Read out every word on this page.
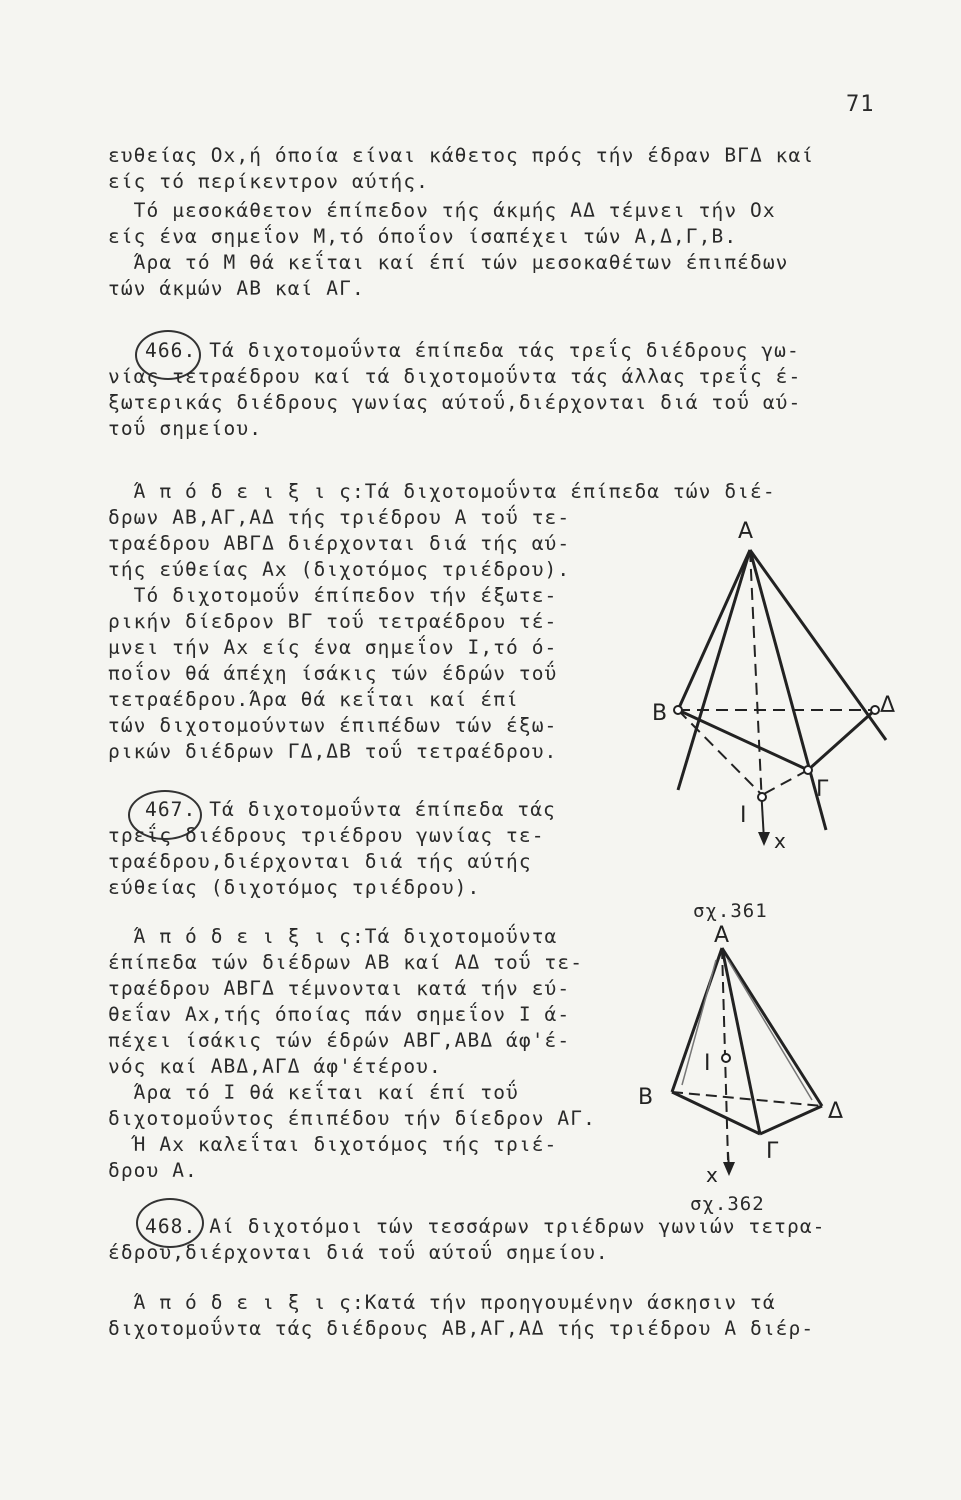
71
ευθείας Οx,ή όποία είναι κάθετος πρός τήν έδραν ΒΓΔ καί
είς τό περίκεντρον αύτής.
Τό μεσοκάθετον έπίπεδον τής άκμής ΑΔ τέμνει τήν Οx
είς ένα σημεΐον Μ,τό όποΐον ίσαπέχει τών Α,Δ,Γ,Β.
Άρα τό Μ θά κεΐται καί έπί τών μεσοκαθέτων έπιπέδων
τών άκμών ΑΒ καί ΑΓ.
466. Τά διχοτομοΰντα έπίπεδα τάς τρεΐς διέδρους γω-
νίας τετραέδρου καί τά διχοτομοΰντα τάς άλλας τρεΐς έ-
ξωτερικάς διέδρους γωνίας αύτοΰ,διέρχονται διά τοΰ αύ-
τοΰ σημείου.
Ά π ό δ ε ι ξ ι ς:Τά διχοτομοΰντα έπίπεδα τών διέ-
δρων ΑΒ,ΑΓ,ΑΔ τής τριέδρου Α τοΰ τε-
τραέδρου ΑΒΓΔ διέρχονται διά τής αύ-
τής εύθείας Αx (διχοτόμος τριέδρου).
Τό διχοτομοΰν έπίπεδον τήν έξωτε-
ρικήν δίεδρον ΒΓ τοΰ τετραέδρου τέ-
μνει τήν Αx είς ένα σημεΐον Ι,τό ό-
ποΐον θά άπέχη ίσάκις τών έδρών τοΰ
τετραέδρου.Άρα θά κεΐται καί έπί
τών διχοτομούντων έπιπέδων τών έξω-
ρικών διέδρων ΓΔ,ΔΒ τοΰ τετραέδρου.
467. Τά διχοτομοΰντα έπίπεδα τάς
τρεΐς διέδρους τριέδρου γωνίας τε-
τραέδρου,διέρχονται διά τής αύτής
εύθείας (διχοτόμος τριέδρου).
Ά π ό δ ε ι ξ ι ς:Τά διχοτομοΰντα
έπίπεδα τών διέδρων ΑΒ καί ΑΔ τοΰ τε-
τραέδρου ΑΒΓΔ τέμνονται κατά τήν εύ-
θεΐαν Αx,τής όποίας πάν σημεΐον Ι ά-
πέχει ίσάκις τών έδρών ΑΒΓ,ΑΒΔ άφ'έ-
νός καί ΑΒΔ,ΑΓΔ άφ'έτέρου.
Άρα τό Ι θά κεΐται καί έπί τοΰ
διχοτομοΰντος έπιπέδου τήν δίεδρον ΑΓ.
Ή Αx καλεΐται διχοτόμος τής τριέ-
δρου Α.
468. Αί διχοτόμοι τών τεσσάρων τριέδρων γωνιών τετρα-
έδρου,διέρχονται διά τοΰ αύτοΰ σημείου.
Ά π ό δ ε ι ξ ι ς:Κατά τήν προηγουμένην άσκησιν τά
διχοτομοΰντα τάς διέδρους ΑΒ,ΑΓ,ΑΔ τής τριέδρου Α διέρ-
A
B	Δ
Γ
I
x
σχ.361
A
B
Δ
Γ
I
x
σχ.362
